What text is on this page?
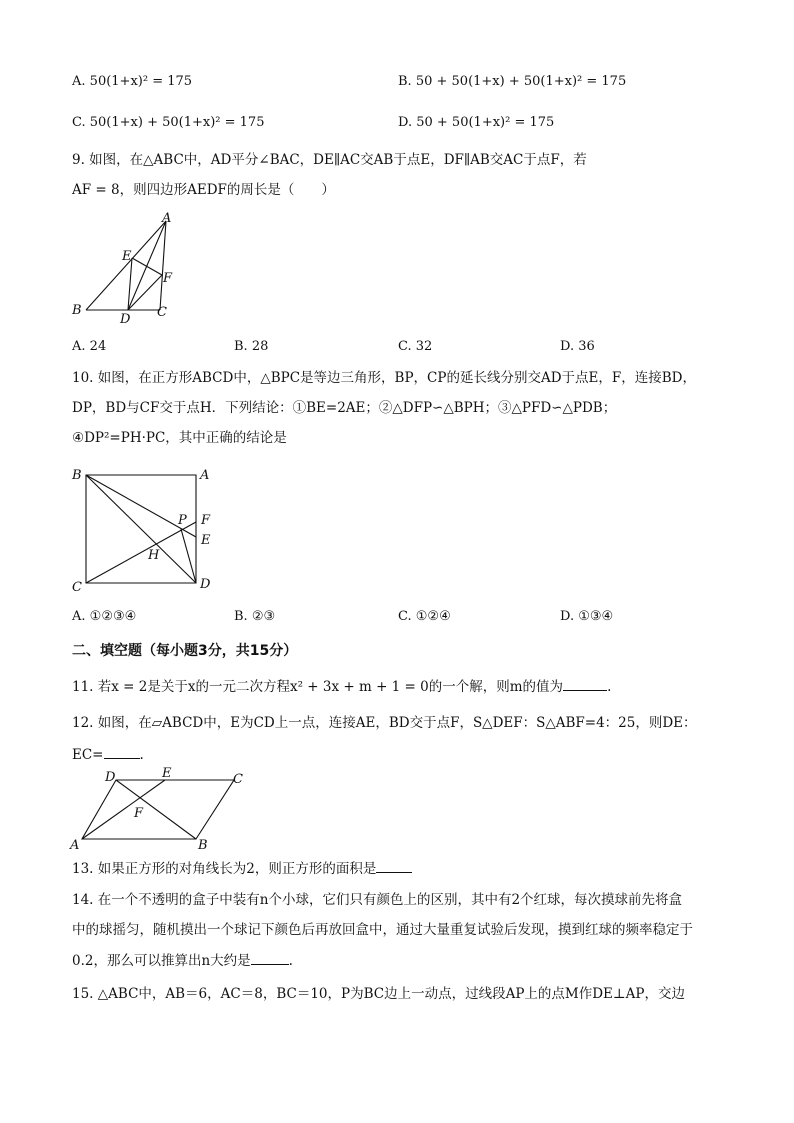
A. 50(1+x)² = 175	B. 50 + 50(1+x) + 50(1+x)² = 175
C. 50(1+x) + 50(1+x)² = 175	D. 50 + 50(1+x)² = 175
9. 如图，在△ABC中，AD平分∠BAC，DE∥AC交AB于点E，DF∥AB交AC于点F，若
AF = 8，则四边形AEDF的周长是（　　）
A
B	C
D
E
F
A. 24	B. 28	C. 32	D. 36
10. 如图，在正方形ABCD中，△BPC是等边三角形，BP，CP的延长线分别交AD于点E，F，连接BD，
DP，BD与CF交于点H．下列结论：①BE=2AE；②△DFP∽△BPH；③△PFD∽△PDB；
④DP²=PH·PC，其中正确的结论是
B	A
C	D
P F
E
H
A. ①②③④	B. ②③	C. ①②④	D. ①③④
二、填空题（每小题3分，共15分）
11. 若x = 2是关于x的一元二次方程x² + 3x + m + 1 = 0的一个解，则m的值为	.
12. 如图，在▱ABCD中，E为CD上一点，连接AE，BD交于点F，S△DEF：S△ABF=4：25，则DE：
EC=	.
D	E	C
A	B
F
13. 如果正方形的对角线长为2，则正方形的面积是
14. 在一个不透明的盒子中装有n个小球，它们只有颜色上的区别，其中有2个红球，每次摸球前先将盒
中的球摇匀，随机摸出一个球记下颜色后再放回盒中，通过大量重复试验后发现，摸到红球的频率稳定于
0.2，那么可以推算出n大约是	.
15. △ABC中，AB＝6，AC＝8，BC＝10，P为BC边上一动点，过线段AP上的点M作DE⊥AP，交边
